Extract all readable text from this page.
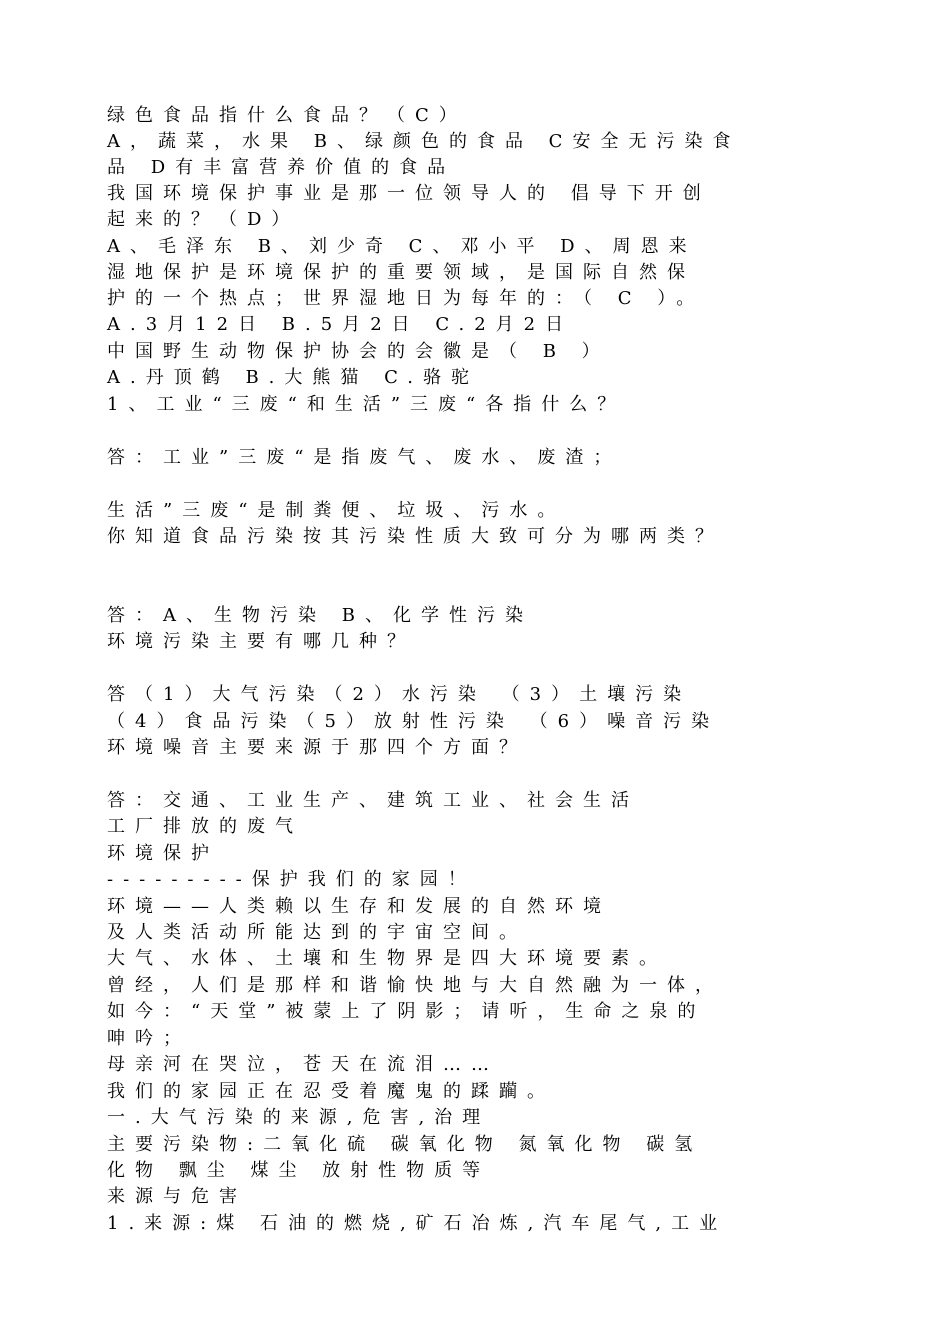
绿色食品指什么食品？（C）
A，蔬菜，水果 B、绿颜色的食品 C安全无污染食
品 D有丰富营养价值的食品
我国环境保护事业是那一位领导人的 倡导下开创
起来的？（D）
A、毛泽东 B、刘少奇 C、邓小平 D、周恩来
湿地保护是环境保护的重要领域，是国际自然保
护的一个热点；世界湿地日为每年的：（ C ）。
A.3月12日 B.5月2日 C.2月2日
中国野生动物保护协会的会徽是（ B ）
A.丹顶鹤 B.大熊猫 C.骆驼
1、工业“三废“和生活”三废“各指什么？
答：工业”三废“是指废气、废水、废渣；
生活”三废“是制粪便、垃圾、污水。
你知道食品污染按其污染性质大致可分为哪两类？
答：A、生物污染 B、化学性污染
环境污染主要有哪几种？
答（1）大气污染（2）水污染 （3）土壤污染
（4）食品污染（5）放射性污染 （6）噪音污染
环境噪音主要来源于那四个方面？
答：交通、工业生产、建筑工业、社会生活
工厂排放的废气
环境保护
---------保护我们的家园！
环境——人类赖以生存和发展的自然环境
及人类活动所能达到的宇宙空间。
大气、水体、土壤和生物界是四大环境要素。
曾经，人们是那样和谐愉快地与大自然融为一体，
如今：“天堂”被蒙上了阴影；请听，生命之泉的
呻吟；
母亲河在哭泣，苍天在流泪……
我们的家园正在忍受着魔鬼的蹂躏。
一.大气污染的来源,危害,治理
主要污染物:二氧化硫 碳氧化物 氮氧化物 碳氢
化物 飘尘 煤尘 放射性物质等
来源与危害
1.来源:煤 石油的燃烧,矿石冶炼,汽车尾气,工业
